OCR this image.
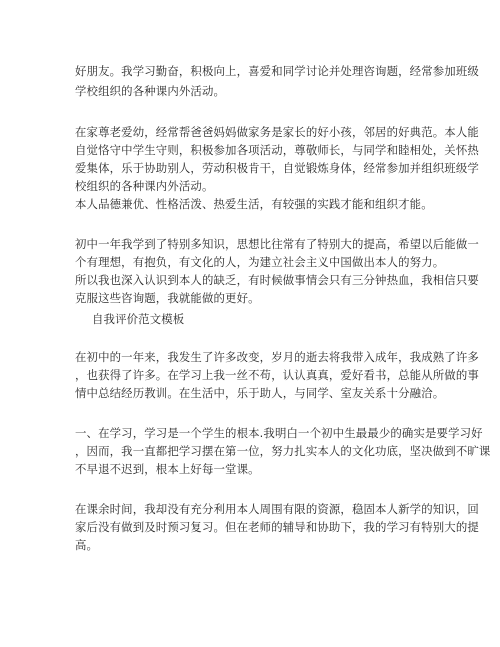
好朋友。我学习勤奋，积极向上，喜爱和同学讨论并处理咨询题，经常参加班级
学校组织的各种课内外活动。
在家尊老爱幼，经常帮爸爸妈妈做家务是家长的好小孩，邻居的好典范。本人能
自觉恪守中学生守则，积极参加各项活动，尊敬师长，与同学和睦相处，关怀热
爱集体，乐于协助别人，劳动积极肯干，自觉锻炼身体，经常参加并组织班级学
校组织的各种课内外活动。
本人品德兼优、性格活泼、热爱生活，有较强的实践才能和组织才能。
初中一年我学到了特别多知识，思想比往常有了特别大的提高，希望以后能做一
个有理想，有抱负，有文化的人，为建立社会主义中国做出本人的努力。
所以我也深入认识到本人的缺乏，有时候做事情会只有三分钟热血，我相信只要
克服这些咨询题，我就能做的更好。
自我评价范文模板
在初中的一年来，我发生了许多改变，岁月的逝去将我带入成年，我成熟了许多
，也获得了许多。在学习上我一丝不苟，认认真真，爱好看书，总能从所做的事
情中总结经历教训。在生活中，乐于助人，与同学、室友关系十分融洽。
一、在学习，学习是一个学生的根本.我明白一个初中生最最少的确实是要学习好
，因而，我一直都把学习摆在第一位，努力扎实本人的文化功底，坚决做到不旷课
不早退不迟到，根本上好每一堂课。
在课余时间，我却没有充分利用本人周围有限的资源，稳固本人新学的知识，回
家后没有做到及时预习复习。但在老师的辅导和协助下，我的学习有特别大的提
高。
